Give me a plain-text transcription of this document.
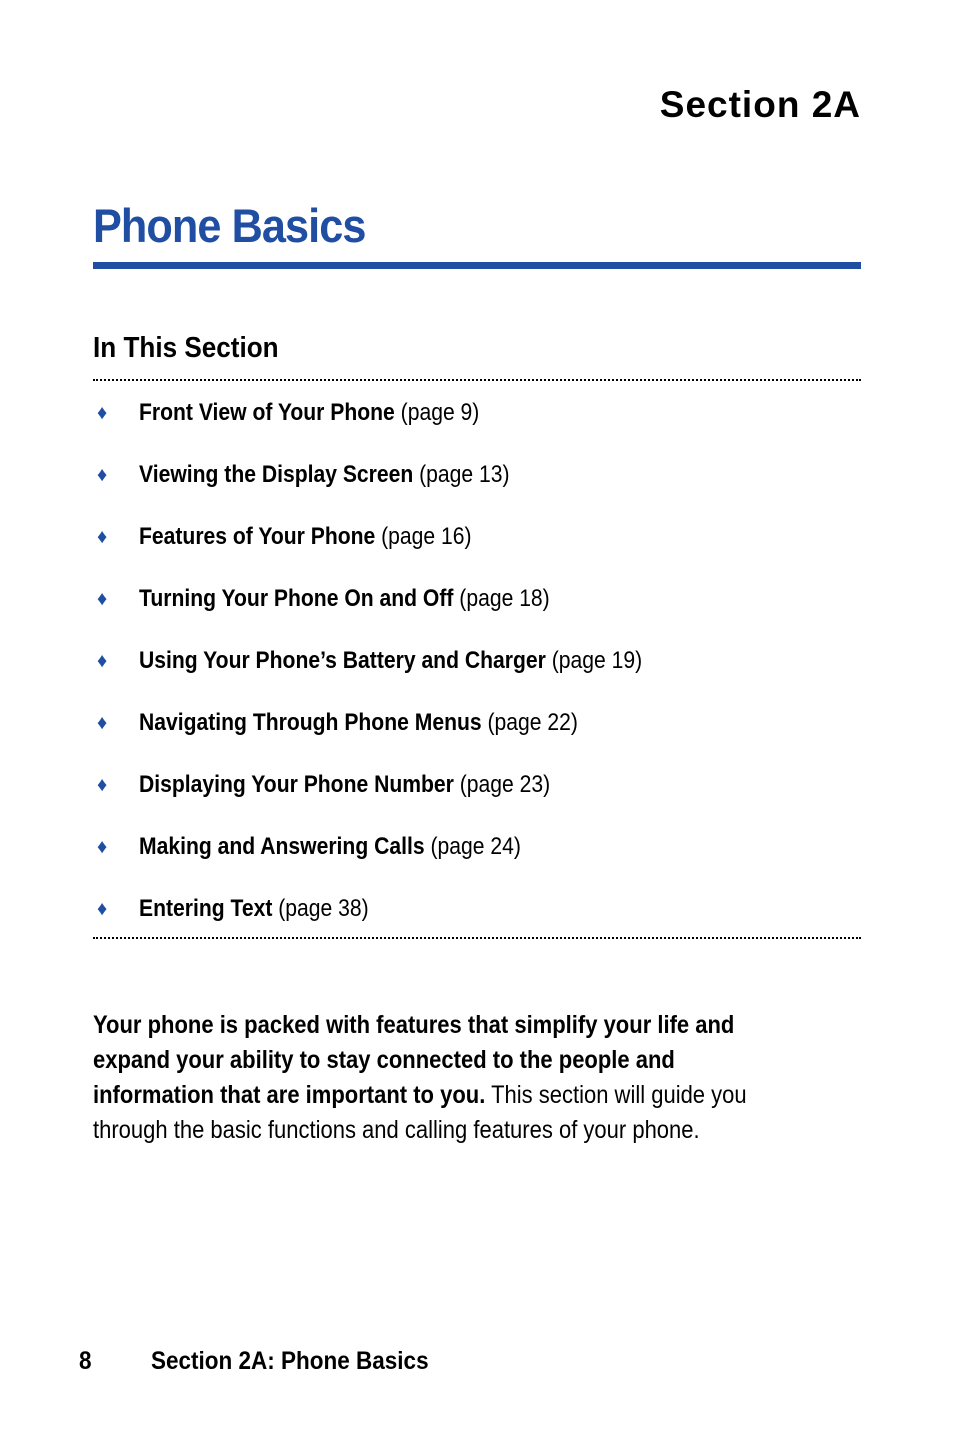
Section 2A
Phone Basics
In This Section
♦	Front View of Your Phone (page 9)
♦	Viewing the Display Screen (page 13)
♦	Features of Your Phone (page 16)
♦	Turning Your Phone On and Off (page 18)
♦	Using Your Phone’s Battery and Charger (page 19)
♦	Navigating Through Phone Menus (page 22)
♦	Displaying Your Phone Number (page 23)
♦	Making and Answering Calls (page 24)
♦	Entering Text (page 38)

Your phone is packed with features that simplify your life and expand your ability to stay connected to the people and information that are important to you. This section will guide you through the basic functions and calling features of your phone.

8	Section 2A: Phone Basics
